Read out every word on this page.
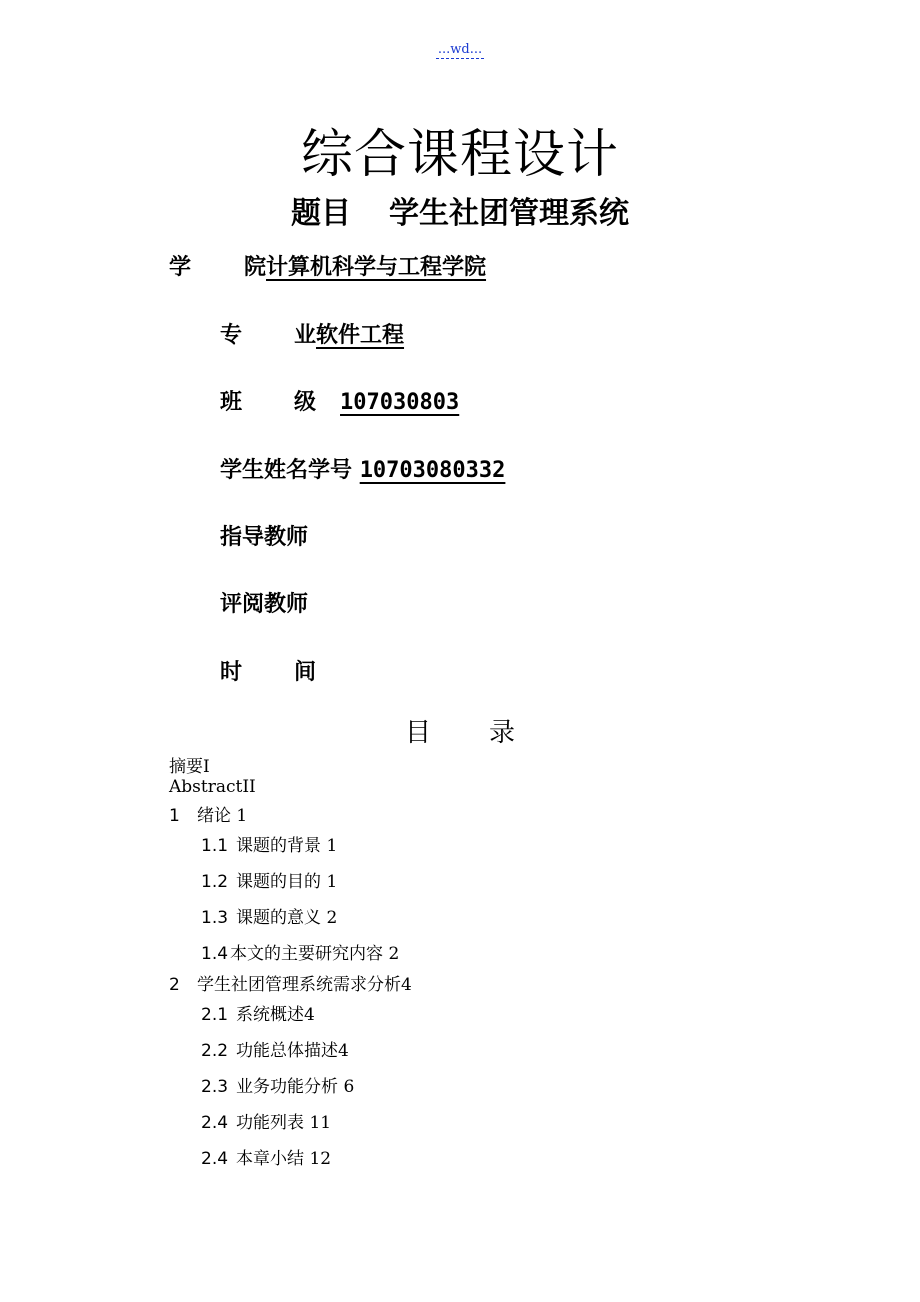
...wd...
综合课程设计
题目 学生社团管理系统
学 院计算机科学与工程学院
专 业软件工程
班 级 107030803
学生姓名学号 10703080332
指导教师
评阅教师
时 间
目 录
摘要I
AbstractII
1 绪论 1
1.1 课题的背景 1
1.2 课题的目的 1
1.3 课题的意义 2
1.4 本文的主要研究内容 2
2 学生社团管理系统需求分析4
2.1 系统概述4
2.2 功能总体描述4
2.3 业务功能分析 6
2.4 功能列表 11
2.4 本章小结 12
